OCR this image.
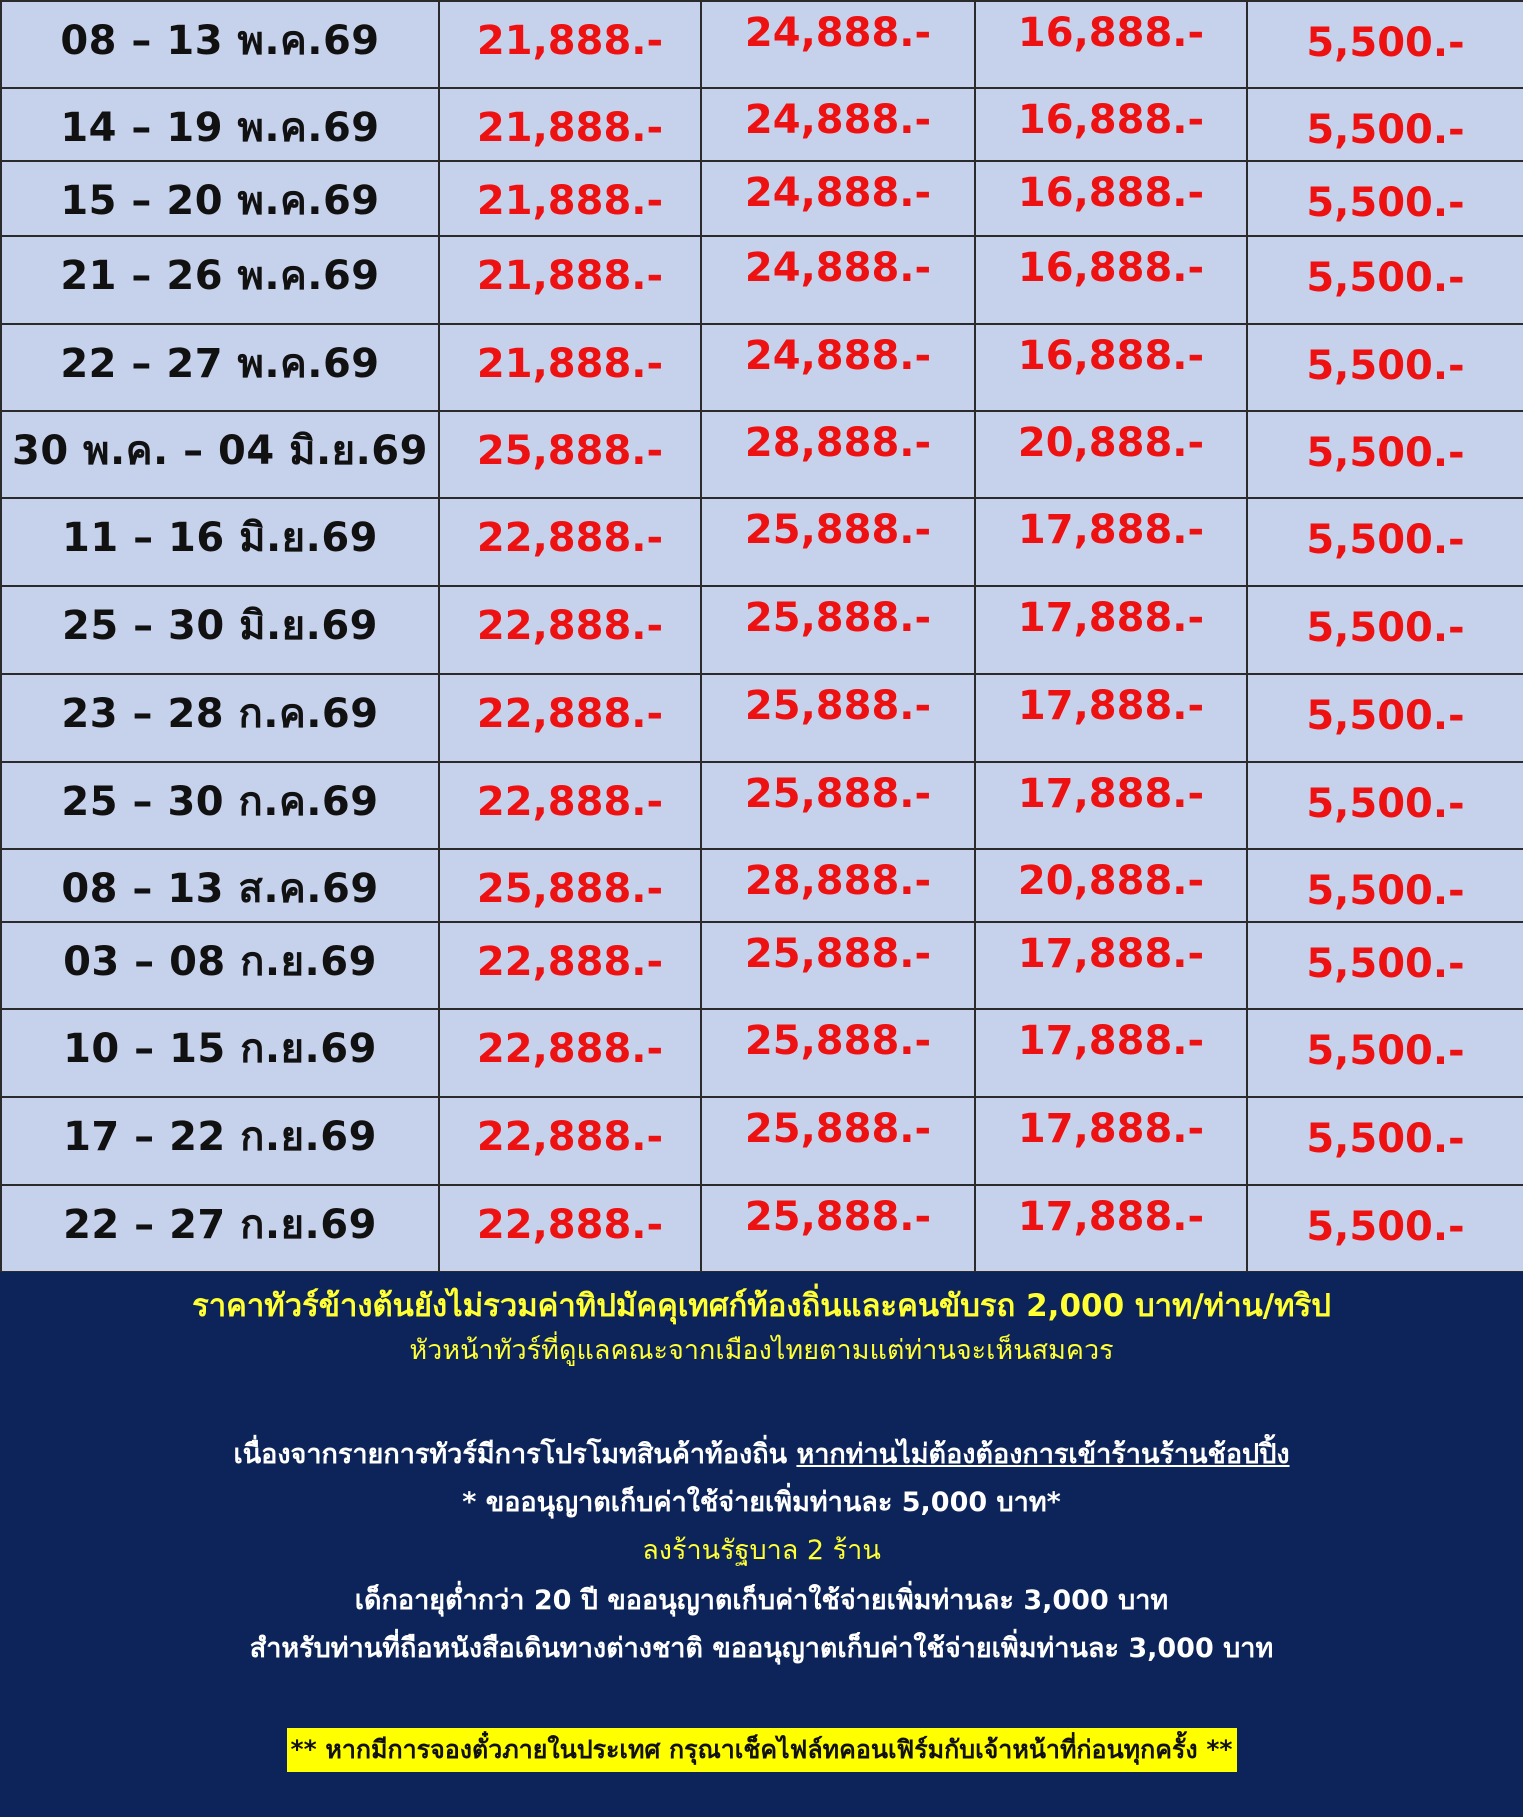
08 – 13 พ.ค.69	21,888.-	24,888.-	16,888.-	5,500.-
14 – 19 พ.ค.69	21,888.-	24,888.-	16,888.-	5,500.-
15 – 20 พ.ค.69	21,888.-	24,888.-	16,888.-	5,500.-
21 – 26 พ.ค.69	21,888.-	24,888.-	16,888.-	5,500.-
22 – 27 พ.ค.69	21,888.-	24,888.-	16,888.-	5,500.-
30 พ.ค. – 04 มิ.ย.69	25,888.-	28,888.-	20,888.-	5,500.-
11 – 16 มิ.ย.69	22,888.-	25,888.-	17,888.-	5,500.-
25 – 30 มิ.ย.69	22,888.-	25,888.-	17,888.-	5,500.-
23 – 28 ก.ค.69	22,888.-	25,888.-	17,888.-	5,500.-
25 – 30 ก.ค.69	22,888.-	25,888.-	17,888.-	5,500.-
08 – 13 ส.ค.69	25,888.-	28,888.-	20,888.-	5,500.-
03 – 08 ก.ย.69	22,888.-	25,888.-	17,888.-	5,500.-
10 – 15 ก.ย.69	22,888.-	25,888.-	17,888.-	5,500.-
17 – 22 ก.ย.69	22,888.-	25,888.-	17,888.-	5,500.-
22 – 27 ก.ย.69	22,888.-	25,888.-	17,888.-	5,500.-
ราคาทัวร์ข้างต้นยังไม่รวมค่าทิปมัคคุเทศก์ท้องถิ่นและคนขับรถ 2,000 บาท/ท่าน/ทริป
หัวหน้าทัวร์ที่ดูแลคณะจากเมืองไทยตามแต่ท่านจะเห็นสมควร
เนื่องจากรายการทัวร์มีการโปรโมทสินค้าท้องถิ่น หากท่านไม่ต้องต้องการเข้าร้านร้านช้อปปิ้ง
* ขออนุญาตเก็บค่าใช้จ่ายเพิ่มท่านละ 5,000 บาท*
ลงร้านรัฐบาล 2 ร้าน
เด็กอายุต่ำกว่า 20 ปี ขออนุญาตเก็บค่าใช้จ่ายเพิ่มท่านละ 3,000 บาท
สำหรับท่านที่ถือหนังสือเดินทางต่างชาติ ขออนุญาตเก็บค่าใช้จ่ายเพิ่มท่านละ 3,000 บาท
** หากมีการจองตั๋วภายในประเทศ กรุณาเช็คไฟล์ทคอนเฟิร์มกับเจ้าหน้าที่ก่อนทุกครั้ง **
